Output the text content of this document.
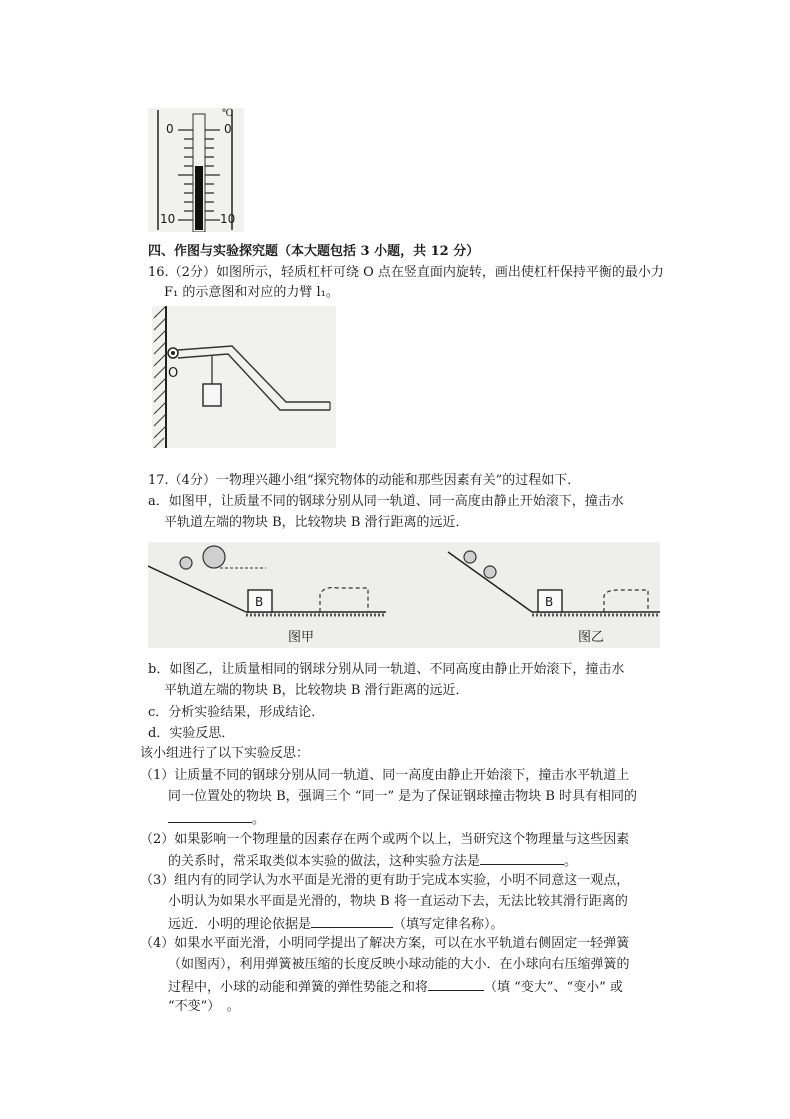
℃
0	0
10	10
四、作图与实验探究题（本大题包括 3 小题，共 12 分）
16.（2分）如图所示，轻质杠杆可绕 O 点在竖直面内旋转，画出使杠杆保持平衡的最小力
F₁ 的示意图和对应的力臂 l₁。
O
17.（4分）一物理兴趣小组“探究物体的动能和那些因素有关”的过程如下．
a．如图甲，让质量不同的钢球分别从同一轨道、同一高度由静止开始滚下，撞击水
平轨道左端的物块 B，比较物块 B 滑行距离的远近．
B	B
图甲	图乙
b．如图乙，让质量相同的钢球分别从同一轨道、不同高度由静止开始滚下，撞击水
平轨道左端的物块 B，比较物块 B 滑行距离的远近．
c．分析实验结果，形成结论．
d．实验反思．
该小组进行了以下实验反思：
（1）让质量不同的钢球分别从同一轨道、同一高度由静止开始滚下，撞击水平轨道上
同一位置处的物块 B，强调三个 “同一” 是为了保证钢球撞击物块 B 时具有相同的
。
（2）如果影响一个物理量的因素存在两个或两个以上，当研究这个物理量与这些因素
的关系时，常采取类似本实验的做法，这种实验方法是	。
（3）组内有的同学认为水平面是光滑的更有助于完成本实验，小明不同意这一观点，
小明认为如果水平面是光滑的，物块 B 将一直运动下去，无法比较其滑行距离的
远近．小明的理论依据是	（填写定律名称）。
（4）如果水平面光滑，小明同学提出了解决方案，可以在水平轨道右侧固定一轻弹簧
（如图丙），利用弹簧被压缩的长度反映小球动能的大小．在小球向右压缩弹簧的
过程中，小球的动能和弹簧的弹性势能之和将	（填 “变大”、“变小” 或
“不变”）　。
